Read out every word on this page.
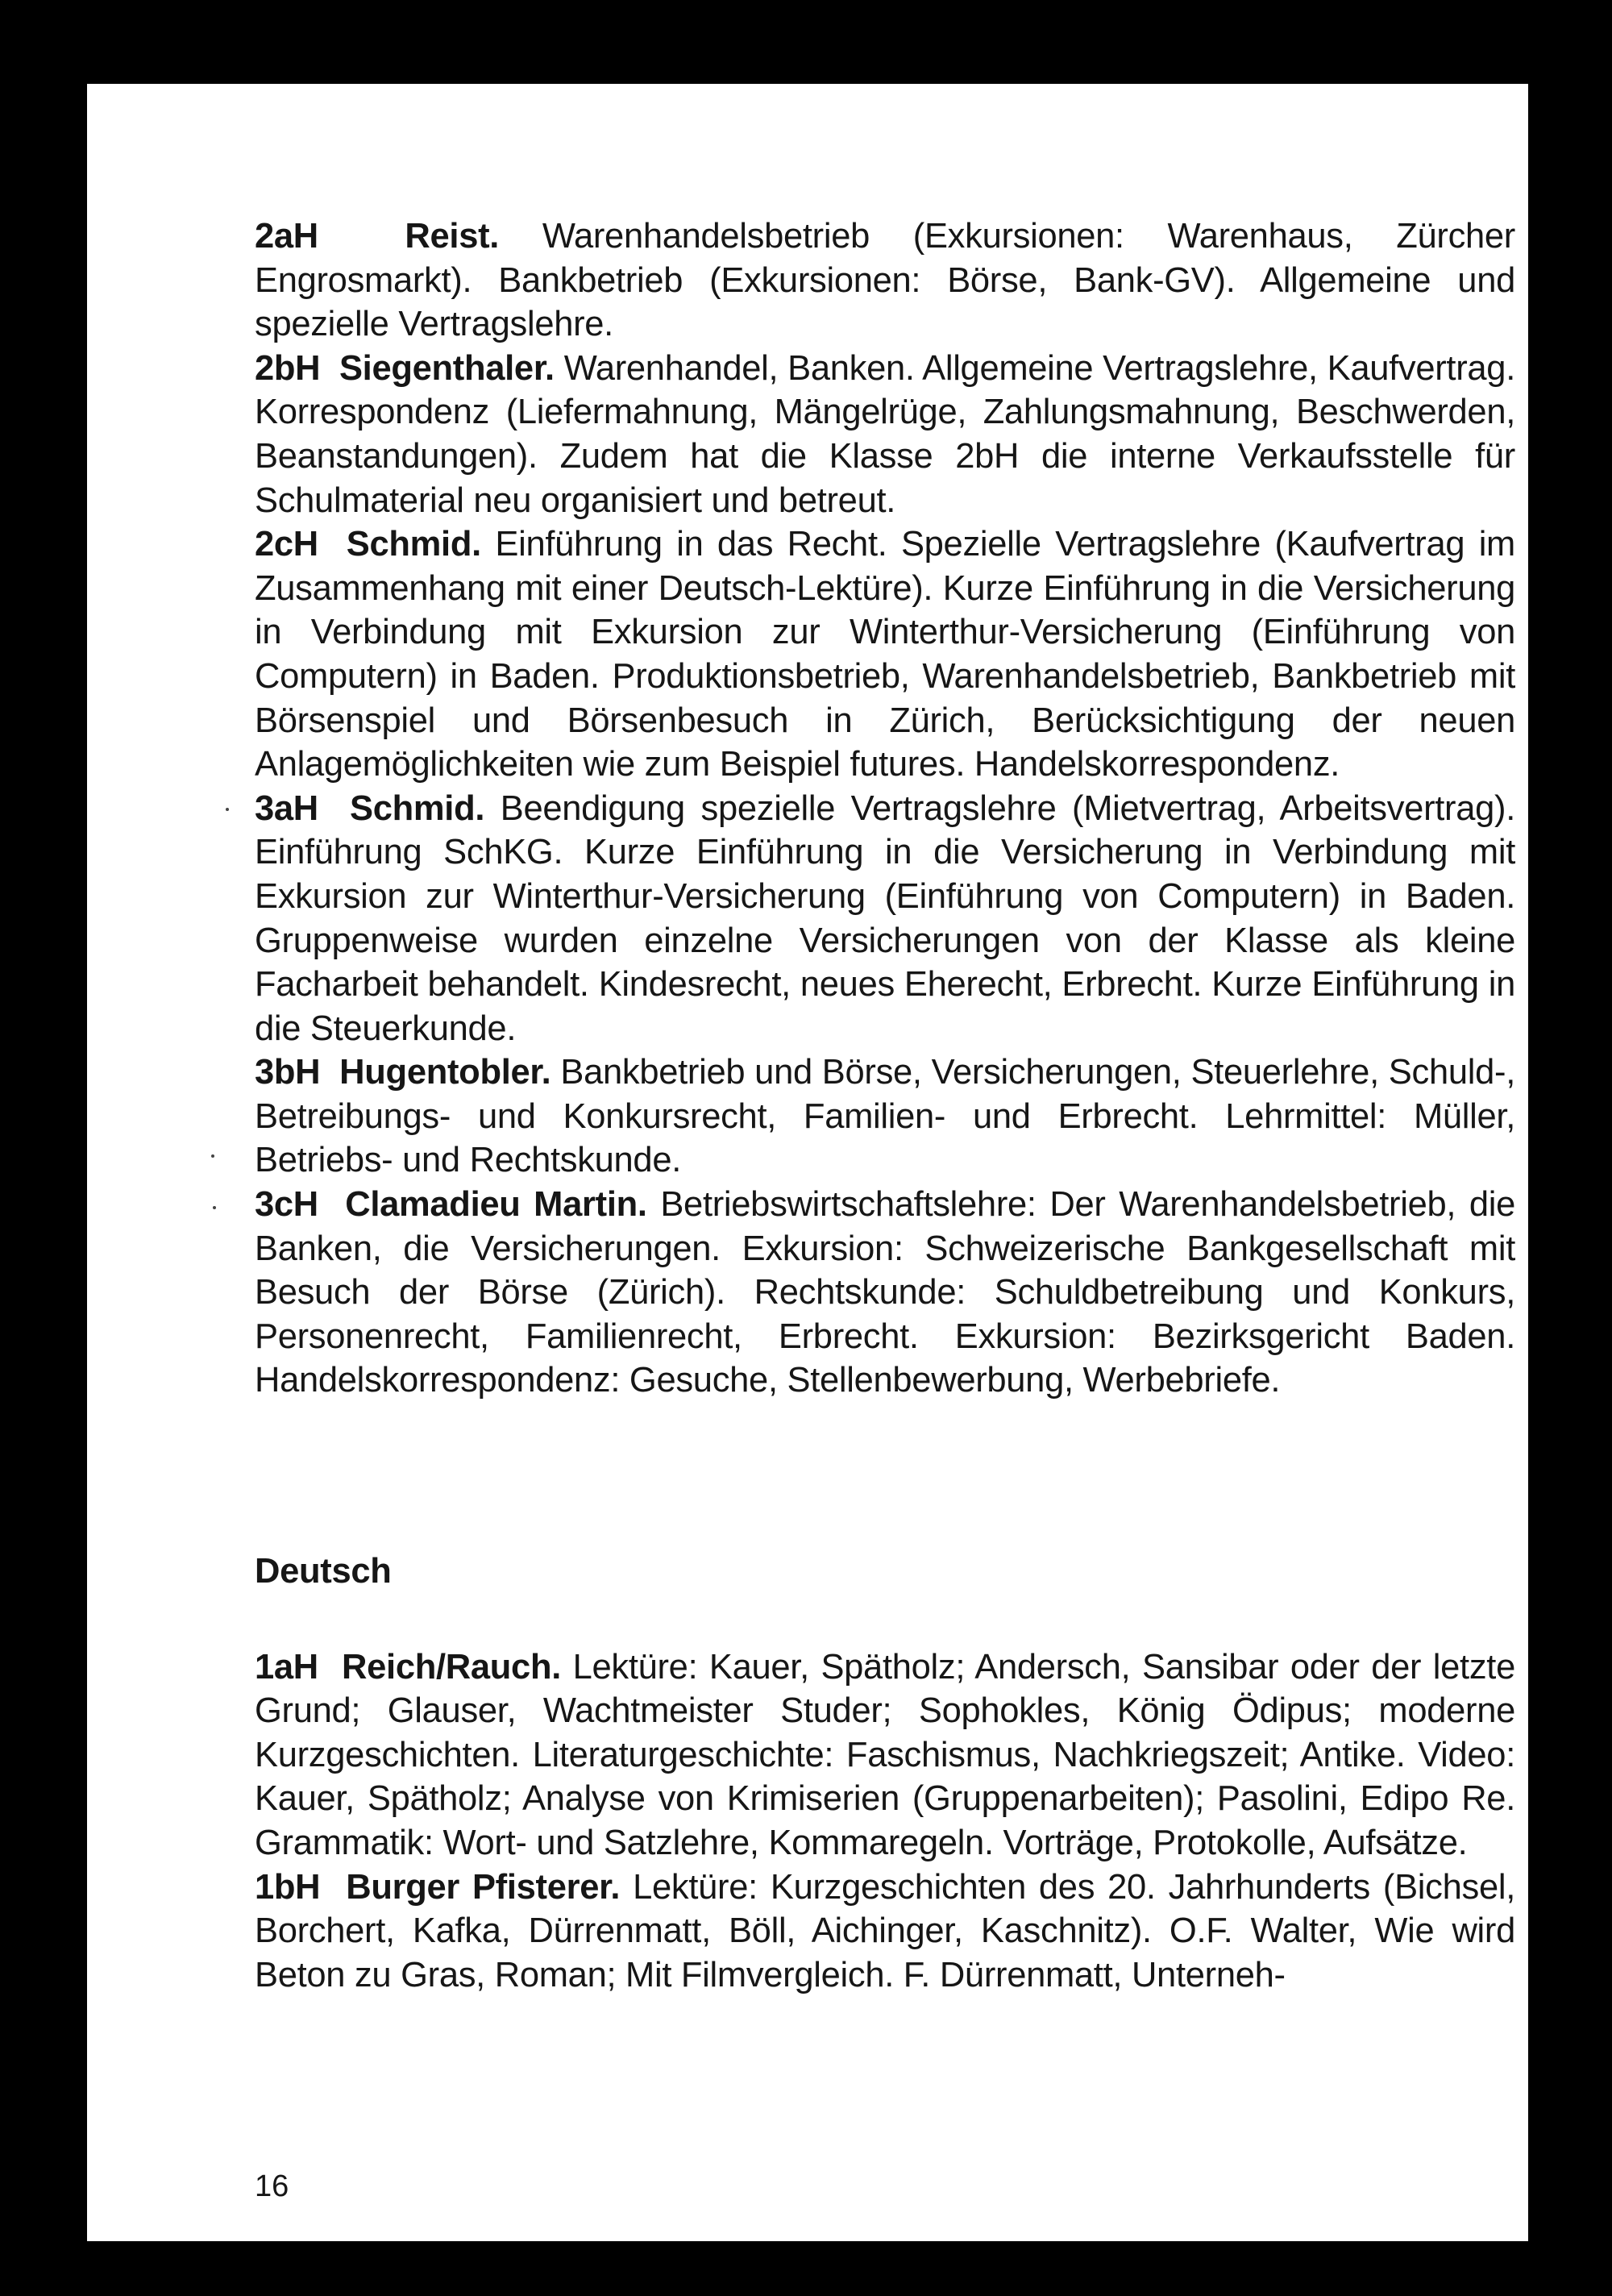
2aH Reist. Warenhandelsbetrieb (Exkursionen: Warenhaus, Zürcher Engrosmarkt). Bankbetrieb (Exkursionen: Börse, Bank-GV). Allgemeine und spezielle Vertragslehre.

2bH Siegenthaler. Warenhandel, Banken. Allgemeine Vertragslehre, Kaufvertrag. Korrespondenz (Liefermahnung, Mängelrüge, Zahlungsmahnung, Beschwerden, Beanstandungen). Zudem hat die Klasse 2bH die interne Verkaufsstelle für Schulmaterial neu organisiert und betreut.

2cH Schmid. Einführung in das Recht. Spezielle Vertragslehre (Kaufvertrag im Zusammenhang mit einer Deutsch-Lektüre). Kurze Einführung in die Versicherung in Verbindung mit Exkursion zur Winterthur-Versicherung (Einführung von Computern) in Baden. Produktionsbetrieb, Warenhandelsbetrieb, Bankbetrieb mit Börsenspiel und Börsenbesuch in Zürich, Berücksichtigung der neuen Anlagemöglichkeiten wie zum Beispiel futures. Handelskorrespondenz.

3aH Schmid. Beendigung spezielle Vertragslehre (Mietvertrag, Arbeitsvertrag). Einführung SchKG. Kurze Einführung in die Versicherung in Verbindung mit Exkursion zur Winterthur-Versicherung (Einführung von Computern) in Baden. Gruppenweise wurden einzelne Versicherungen von der Klasse als kleine Facharbeit behandelt. Kindesrecht, neues Eherecht, Erbrecht. Kurze Einführung in die Steuerkunde.

3bH Hugentobler. Bankbetrieb und Börse, Versicherungen, Steuerlehre, Schuld-, Betreibungs- und Konkursrecht, Familien- und Erbrecht. Lehrmittel: Müller, Betriebs- und Rechtskunde.

3cH Clamadieu Martin. Betriebswirtschaftslehre: Der Warenhandelsbetrieb, die Banken, die Versicherungen. Exkursion: Schweizerische Bankgesellschaft mit Besuch der Börse (Zürich). Rechtskunde: Schuldbetreibung und Konkurs, Personenrecht, Familienrecht, Erbrecht. Exkursion: Bezirksgericht Baden. Handelskorrespondenz: Gesuche, Stellenbewerbung, Werbebriefe.

Deutsch

1aH Reich/Rauch. Lektüre: Kauer, Spätholz; Andersch, Sansibar oder der letzte Grund; Glauser, Wachtmeister Studer; Sophokles, König Ödipus; moderne Kurzgeschichten. Literaturgeschichte: Faschismus, Nachkriegszeit; Antike. Video: Kauer, Spätholz; Analyse von Krimiserien (Gruppenarbeiten); Pasolini, Edipo Re. Grammatik: Wort- und Satzlehre, Kommaregeln. Vorträge, Protokolle, Aufsätze.

1bH Burger Pfisterer. Lektüre: Kurzgeschichten des 20. Jahrhunderts (Bichsel, Borchert, Kafka, Dürrenmatt, Böll, Aichinger, Kaschnitz). O.F. Walter, Wie wird Beton zu Gras, Roman; Mit Filmvergleich. F. Dürrenmatt, Unterneh-

16
